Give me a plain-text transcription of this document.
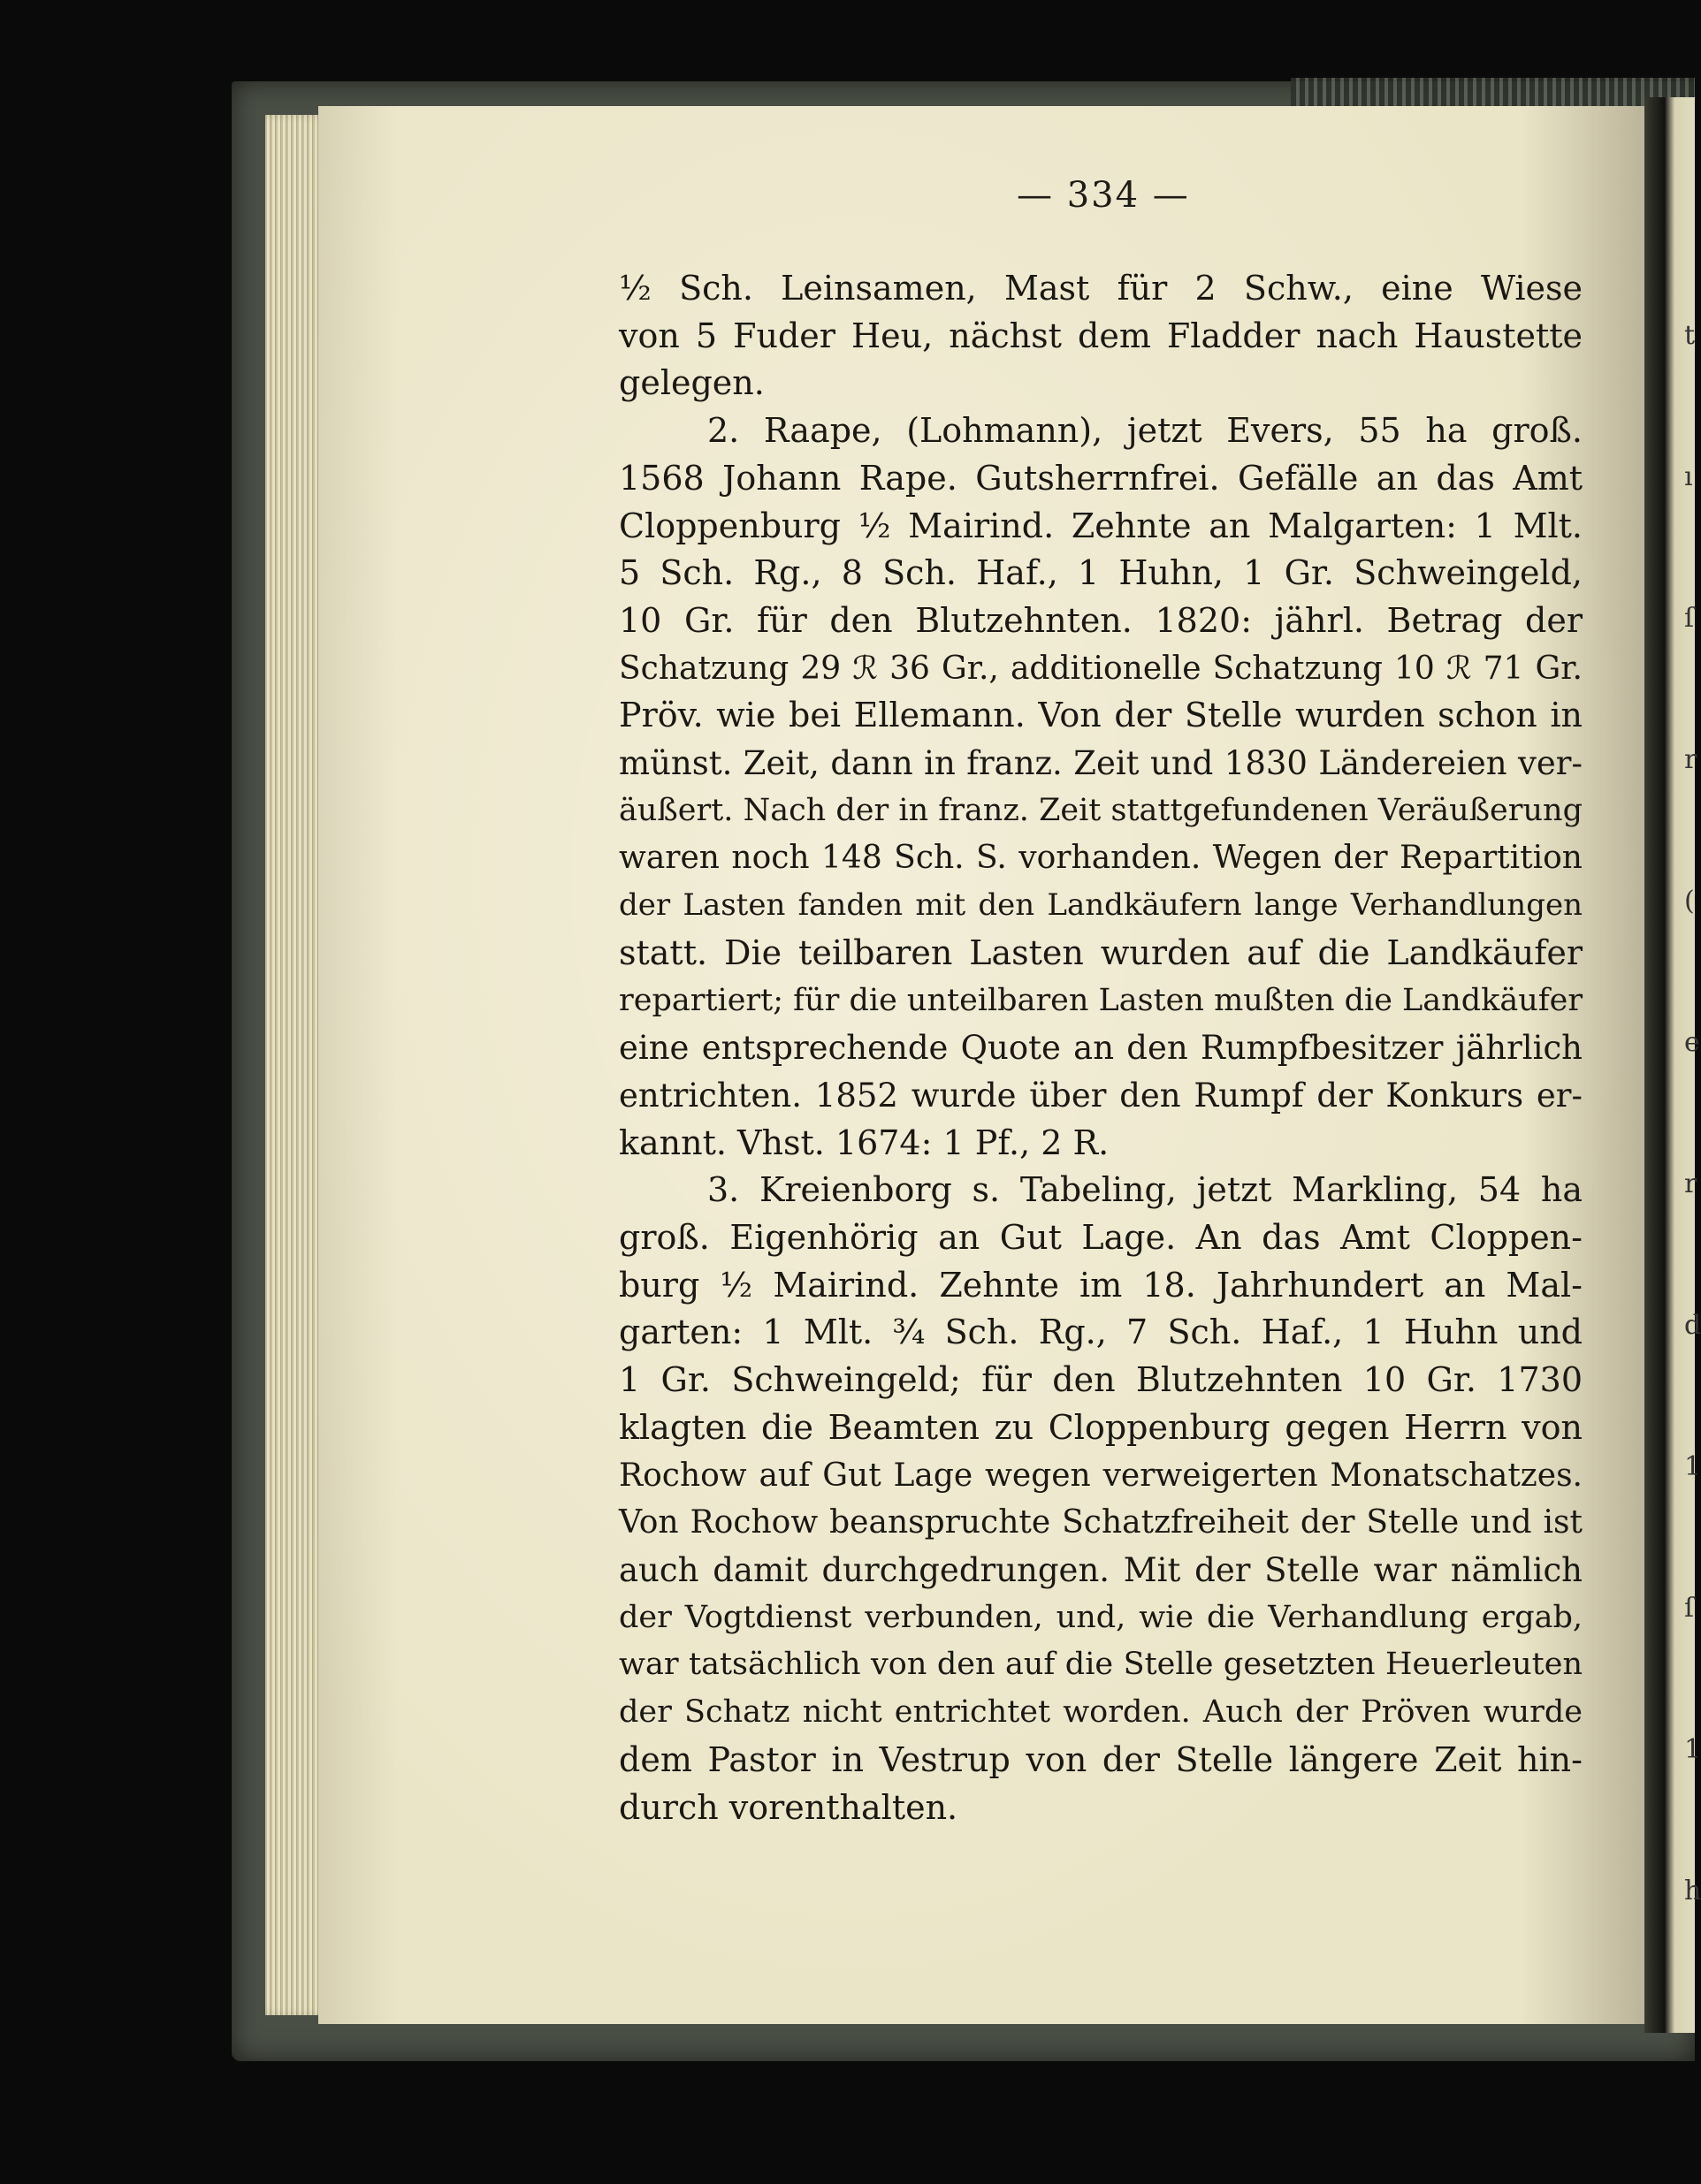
t
ı
ſ
r
(
e
r
d
1
ſ
1
h
— 334 —

½ Sch. Leinsamen, Mast für 2 Schw., eine Wiese
von 5 Fuder Heu, nächst dem Fladder nach Haustette
gelegen.

2. Raape, (Lohmann), jetzt Evers, 55 ha groß.
1568 Johann Rape. Gutsherrnfrei. Gefälle an das Amt
Cloppenburg ½ Mairind. Zehnte an Malgarten: 1 Mlt.
5 Sch. Rg., 8 Sch. Haf., 1 Huhn, 1 Gr. Schweingeld,
10 Gr. für den Blutzehnten. 1820: jährl. Betrag der
Schatzung 29 ℛ 36 Gr., additionelle Schatzung 10 ℛ 71 Gr.
Pröv. wie bei Ellemann. Von der Stelle wurden schon in
münst. Zeit, dann in franz. Zeit und 1830 Ländereien ver-
äußert. Nach der in franz. Zeit stattgefundenen Veräußerung
waren noch 148 Sch. S. vorhanden. Wegen der Repartition
der Lasten fanden mit den Landkäufern lange Verhandlungen
statt. Die teilbaren Lasten wurden auf die Landkäufer
repartiert; für die unteilbaren Lasten mußten die Landkäufer
eine entsprechende Quote an den Rumpfbesitzer jährlich
entrichten. 1852 wurde über den Rumpf der Konkurs er-
kannt. Vhst. 1674: 1 Pf., 2 R.

3. Kreienborg s. Tabeling, jetzt Markling, 54 ha
groß. Eigenhörig an Gut Lage. An das Amt Cloppen-
burg ½ Mairind. Zehnte im 18. Jahrhundert an Mal-
garten: 1 Mlt. ¾ Sch. Rg., 7 Sch. Haf., 1 Huhn und
1 Gr. Schweingeld; für den Blutzehnten 10 Gr. 1730
klagten die Beamten zu Cloppenburg gegen Herrn von
Rochow auf Gut Lage wegen verweigerten Monatschatzes.
Von Rochow beanspruchte Schatzfreiheit der Stelle und ist
auch damit durchgedrungen. Mit der Stelle war nämlich
der Vogtdienst verbunden, und, wie die Verhandlung ergab,
war tatsächlich von den auf die Stelle gesetzten Heuerleuten
der Schatz nicht entrichtet worden. Auch der Pröven wurde
dem Pastor in Vestrup von der Stelle längere Zeit hin-
durch vorenthalten.
